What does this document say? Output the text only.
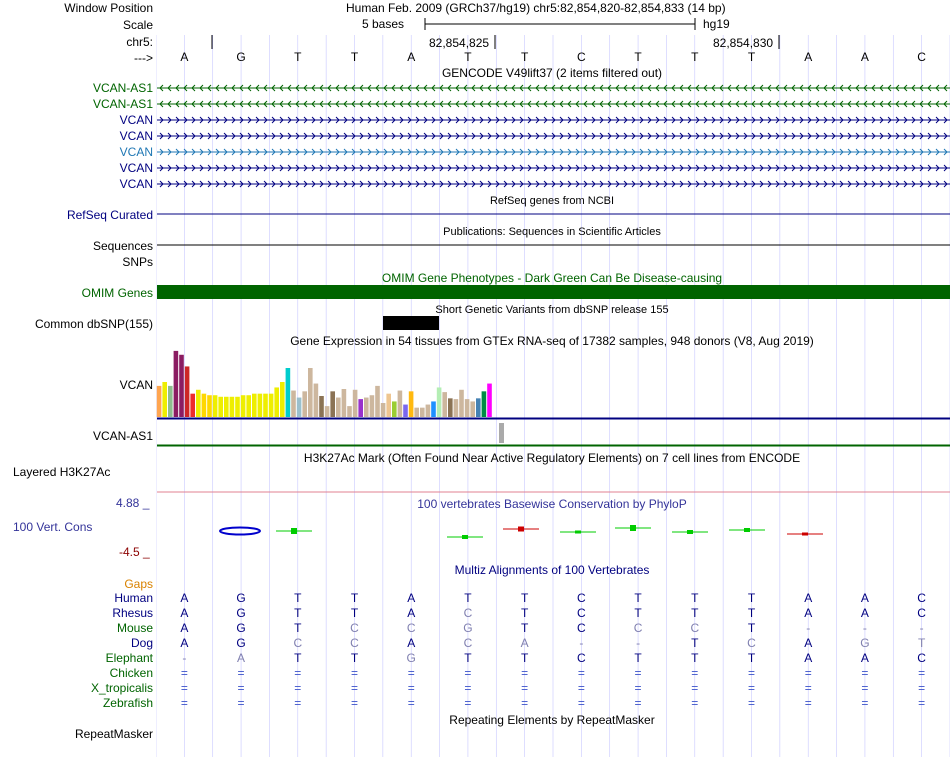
Window Position	Human Feb. 2009 (GRCh37/hg19) chr5:82,854,820-82,854,833 (14 bp)
Scale	5 bases	hg19
chr5:	82,854,825	82,854,830
---> A	G	T	T	A	T	T	C	T	T	T	A	A	C
GENCODE V49lift37 (2 items filtered out)
VCAN-AS1
VCAN-AS1
VCAN
VCAN
VCAN
VCAN
VCAN
RefSeq genes from NCBI
RefSeq Curated
Publications: Sequences in Scientific Articles
Sequences
SNPs
OMIM Gene Phenotypes - Dark Green Can Be Disease-causing
OMIM Genes
Short Genetic Variants from dbSNP release 155
Common dbSNP(155)
Gene Expression in 54 tissues from GTEx RNA-seq of 17382 samples, 948 donors (V8, Aug 2019)
VCAN
VCAN-AS1
H3K27Ac Mark (Often Found Near Active Regulatory Elements) on 7 cell lines from ENCODE
Layered H3K27Ac
100 vertebrates Basewise Conservation by PhyloP
4.88 _
100 Vert. Cons
-4.5 _
Multiz Alignments of 100 Vertebrates
Gaps
Human A	G	T	T	A	T	T	C	T	T	T	A	A	C
Rhesus A	G	T	T	A	C	T	C	T	T	T	A	A	C
Mouse A	G	T	C	C	G	T	C	C	C	T	-	-	-
Dog A	G	C	C	A	C	A	-	-	T	C	A	G	T
Elephant -	A	T	T	G	T	T	C	T	T	T	A	A	C
Chicken =	=	=	=	=	=	=	=	=	=	=	=	=	=
X_tropicalis =	=	=	=	=	=	=	=	=	=	=	=	=	=
Zebrafish =	=	=	=	=	=	=	=	=	=	=	=	=	=
Repeating Elements by RepeatMasker
RepeatMasker
